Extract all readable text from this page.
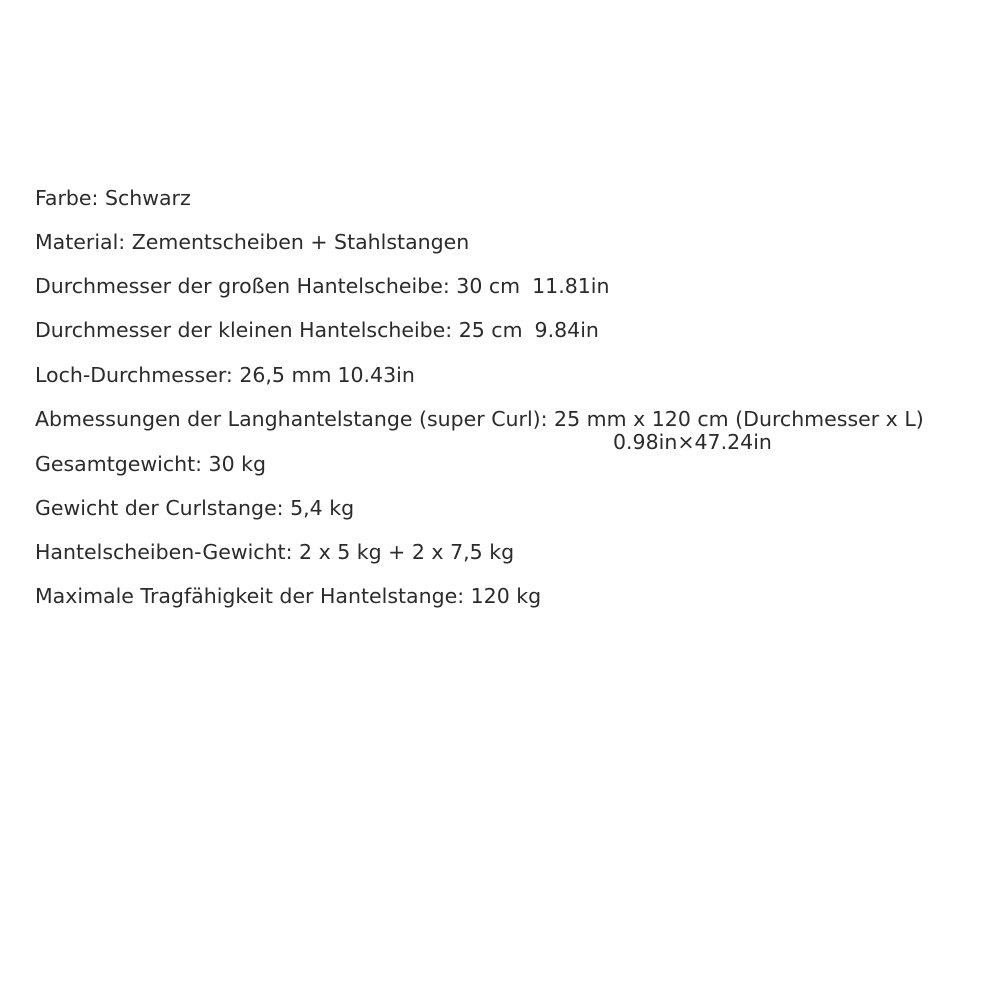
Farbe: Schwarz
Material: Zementscheiben + Stahlstangen
Durchmesser der großen Hantelscheibe: 30 cm 11.81in
Durchmesser der kleinen Hantelscheibe: 25 cm 9.84in
Loch-Durchmesser: 26,5 mm 10.43in
Abmessungen der Langhantelstange (super Curl): 25 mm x 120 cm (Durchmesser x L)
0.98in×47.24in
Gesamtgewicht: 30 kg
Gewicht der Curlstange: 5,4 kg
Hantelscheiben-Gewicht: 2 x 5 kg + 2 x 7,5 kg
Maximale Tragfähigkeit der Hantelstange: 120 kg
